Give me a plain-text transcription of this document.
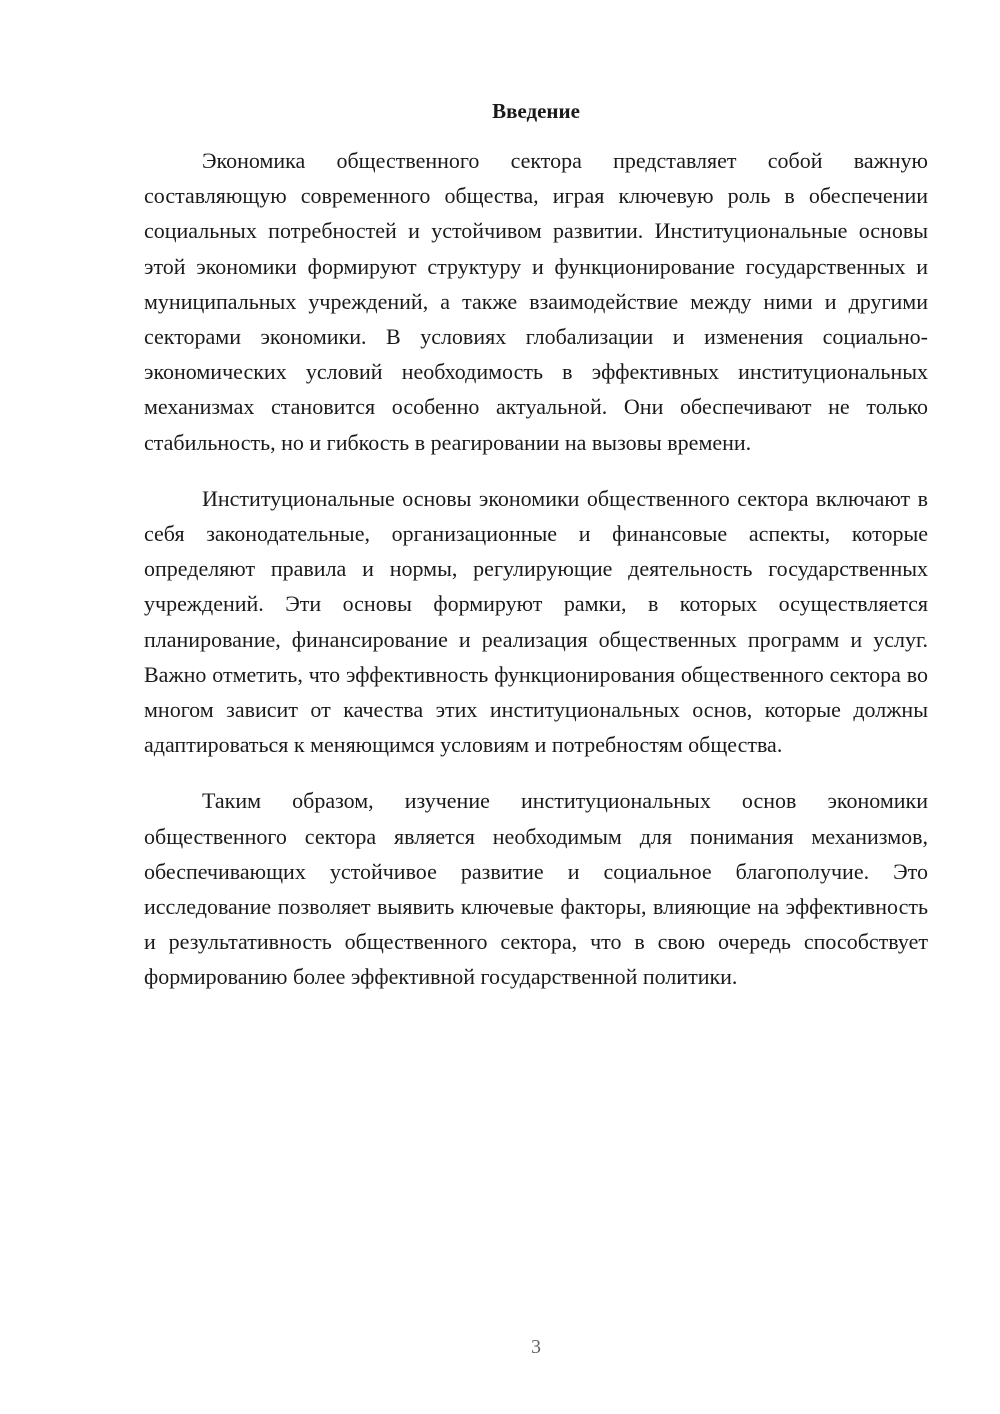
Введение

Экономика общественного сектора представляет собой важную составляющую современного общества, играя ключевую роль в обеспечении социальных потребностей и устойчивом развитии. Институциональные основы этой экономики формируют структуру и функционирование государственных и муниципальных учреждений, а также взаимодействие между ними и другими секторами экономики. В условиях глобализации и изменения социально-экономических условий необходимость в эффективных институциональных механизмах становится особенно актуальной. Они обеспечивают не только стабильность, но и гибкость в реагировании на вызовы времени.

Институциональные основы экономики общественного сектора включают в себя законодательные, организационные и финансовые аспекты, которые определяют правила и нормы, регулирующие деятельность государственных учреждений. Эти основы формируют рамки, в которых осуществляется планирование, финансирование и реализация общественных программ и услуг. Важно отметить, что эффективность функционирования общественного сектора во многом зависит от качества этих институциональных основ, которые должны адаптироваться к меняющимся условиям и потребностям общества.

Таким образом, изучение институциональных основ экономики общественного сектора является необходимым для понимания механизмов, обеспечивающих устойчивое развитие и социальное благополучие. Это исследование позволяет выявить ключевые факторы, влияющие на эффективность и результативность общественного сектора, что в свою очередь способствует формированию более эффективной государственной политики.

3
